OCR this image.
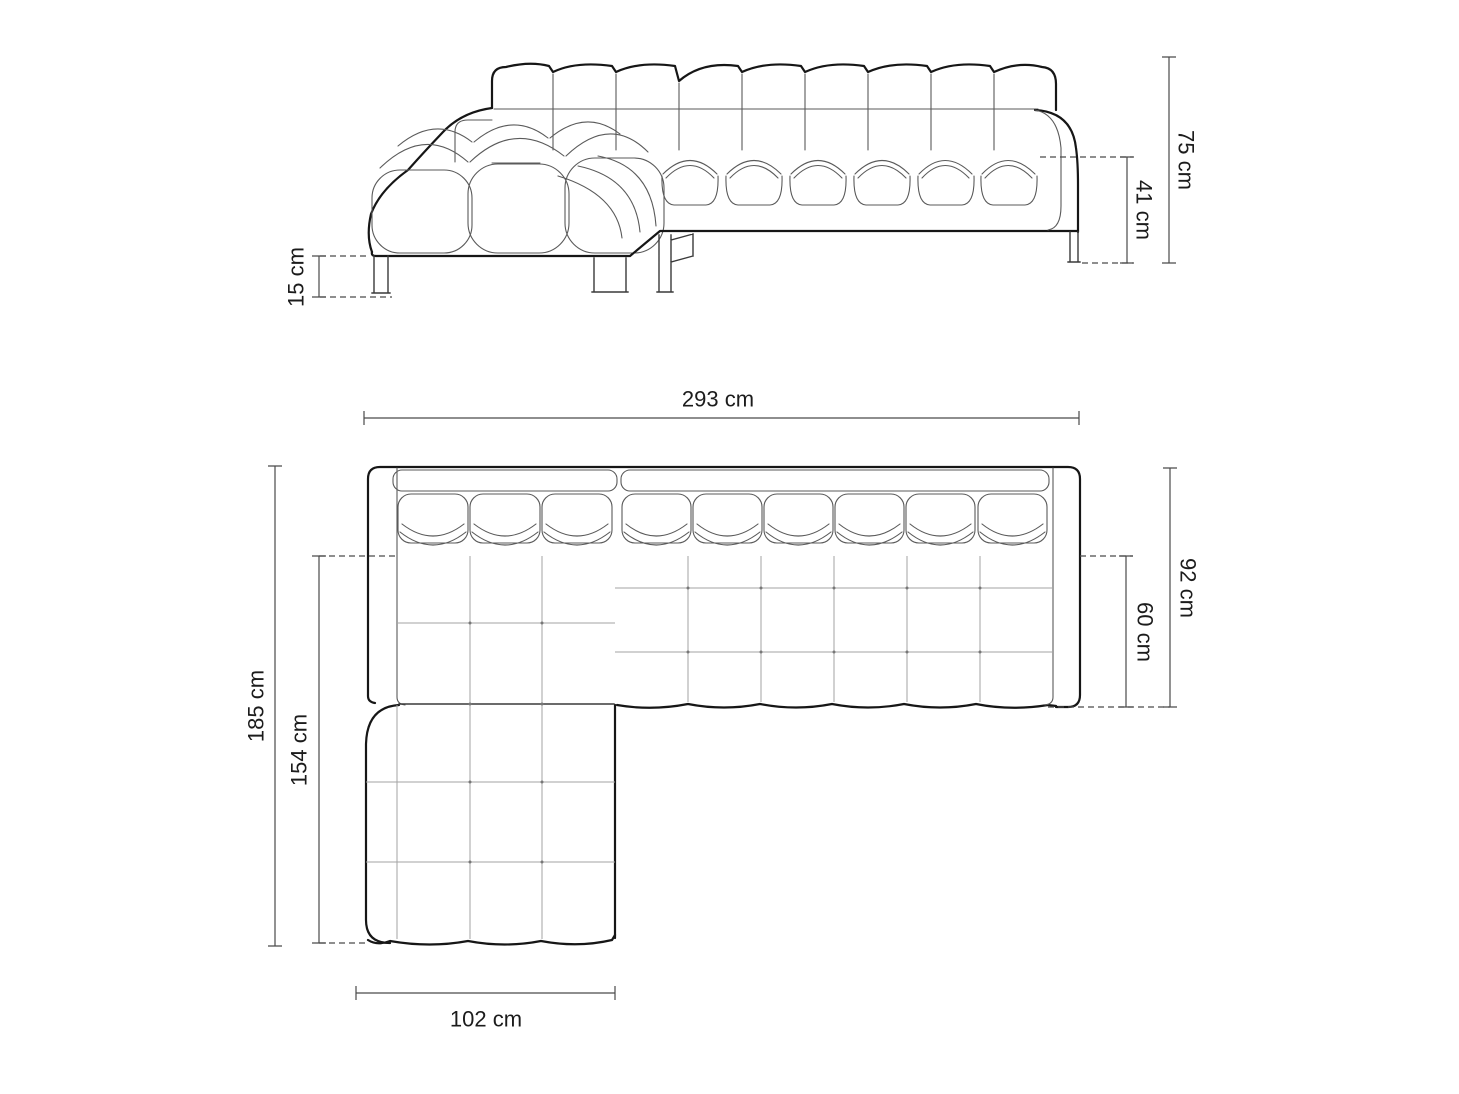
15 cm
41 cm
75 cm
293 cm
102 cm
185 cm
154 cm
92 cm
60 cm
